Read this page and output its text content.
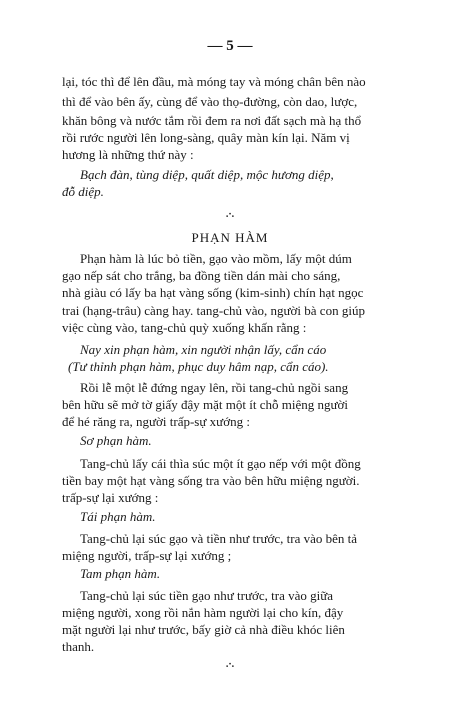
— 5 —
lại, tóc thì để lên đầu, mà móng tay và móng chân bên nào
thì để vào bên ấy, cùng để vào thọ-đường, còn dao, lược,
khăn bông và nước tắm rồi đem ra nơi đất sạch mà hạ thổ
rồi rước người lên long-sàng, quây màn kín lại. Năm vị
hương là những thứ này :
Bạch đàn, tùng diệp, quất diệp, mộc hương diệp,
đỗ diệp.
.·.
PHẠN HÀM
Phạn hàm là lúc bỏ tiền, gạo vào mồm, lấy một dúm
gạo nếp sát cho trắng, ba đồng tiền dán mài cho sáng,
nhà giàu có lấy ba hạt vàng sống (kim-sinh) chín hạt ngọc
trai (hạng-trâu) càng hay. tang-chủ vào, người bà con giúp
việc cùng vào, tang-chủ quỳ xuống khấn rằng :
Nay xin phạn hàm, xin người nhận lấy, cẩn cáo
(Tư thỉnh phạn hàm, phục duy hâm nạp, cẩn cáo).
Rồi lễ một lễ đứng ngay lên, rồi tang-chủ ngồi sang
bên hữu sẽ mở tờ giấy đậy mặt một ít chỗ miệng người
để hé răng ra, người trấp-sự xướng :
Sơ phạn hàm.
Tang-chủ lấy cái thìa súc một ít gạo nếp với một đồng
tiền bay một hạt vàng sống tra vào bên hữu miệng người.
trấp-sự lại xướng :
Tái phạn hàm.
Tang-chủ lại súc gạo và tiền như trước, tra vào bên tả
miệng người, trấp-sự lại xướng ;
Tam phạn hàm.
Tang-chủ lại súc tiền gạo như trước, tra vào giữa
miệng người, xong rồi nắn hàm người lại cho kín, đậy
mặt người lại như trước, bấy giờ cả nhà điều khóc liên
thanh.
.·.
